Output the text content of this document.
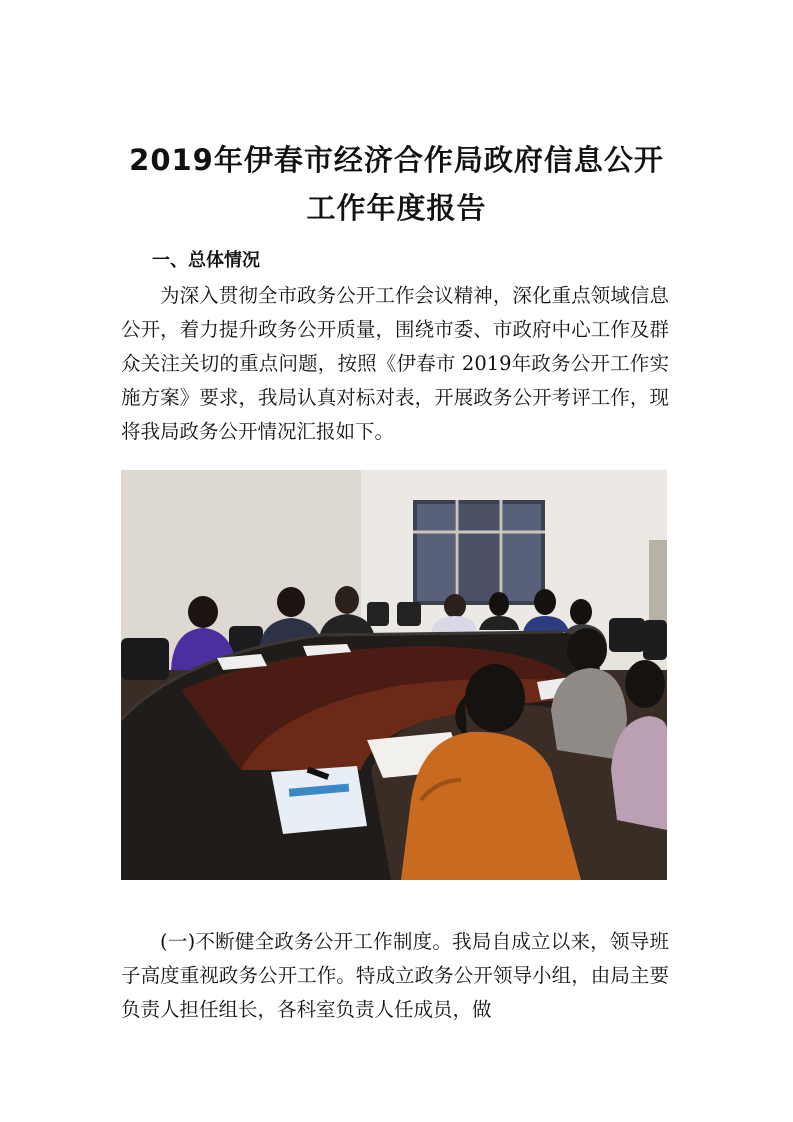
2019年伊春市经济合作局政府信息公开
工作年度报告
一、总体情况

为深入贯彻全市政务公开工作会议精神，深化重点领域信息公开，着力提升政务公开质量，围绕市委、市政府中心工作及群众关注关切的重点问题，按照《伊春市 2019年政务公开工作实施方案》要求，我局认真对标对表，开展政务公开考评工作，现将我局政务公开情况汇报如下。

(一)不断健全政务公开工作制度。我局自成立以来，领导班子高度重视政务公开工作。特成立政务公开领导小组，由局主要负责人担任组长，各科室负责人任成员，做
